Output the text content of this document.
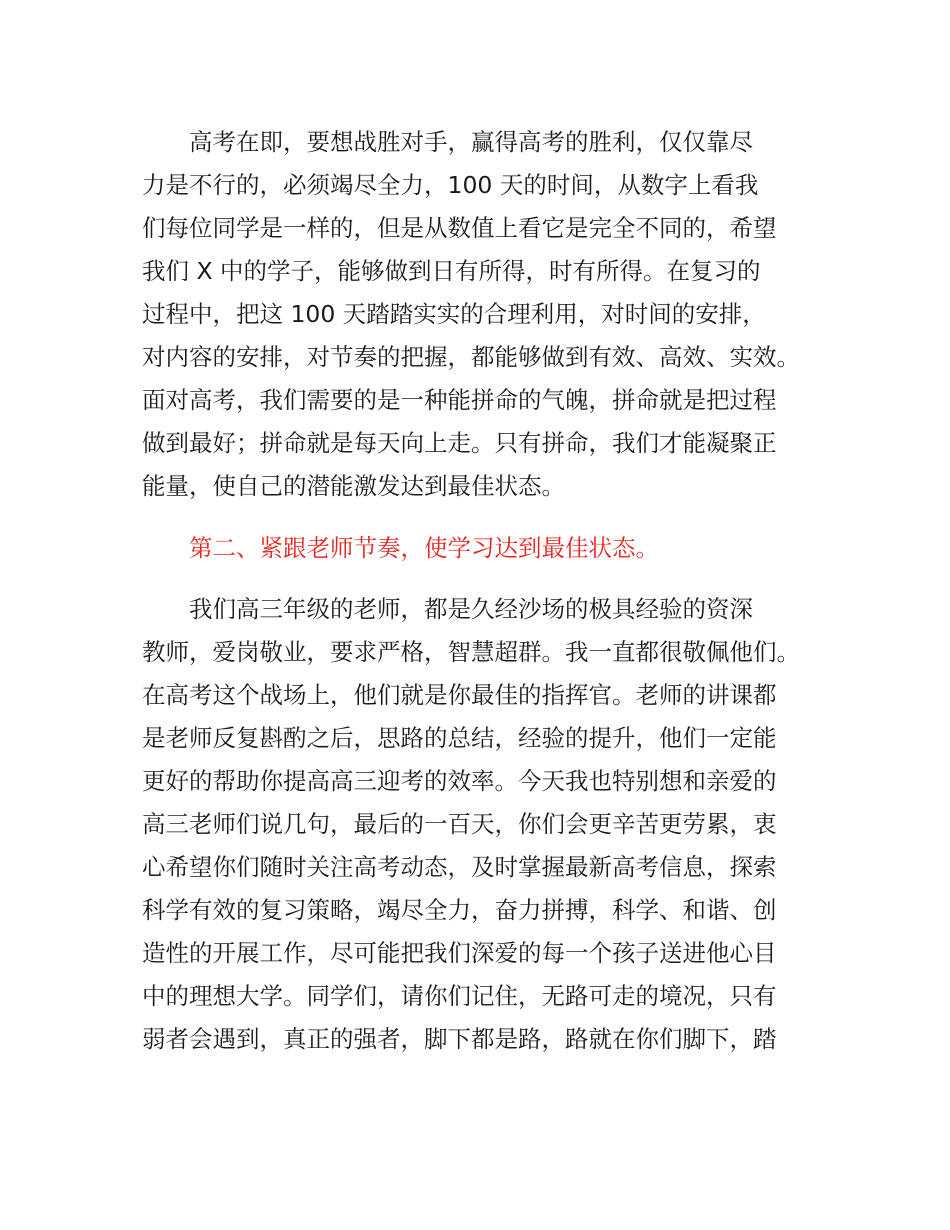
　　高考在即，要想战胜对手，赢得高考的胜利，仅仅靠尽
力是不行的，必须竭尽全力，100 天的时间，从数字上看我
们每位同学是一样的，但是从数值上看它是完全不同的，希望
我们 X 中的学子，能够做到日有所得，时有所得。在复习的
过程中，把这 100 天踏踏实实的合理利用，对时间的安排，
对内容的安排，对节奏的把握，都能够做到有效、高效、实效。
面对高考，我们需要的是一种能拼命的气魄，拼命就是把过程
做到最好；拼命就是每天向上走。只有拼命，我们才能凝聚正
能量，使自己的潜能激发达到最佳状态。
　　第二、紧跟老师节奏，使学习达到最佳状态。
　　我们高三年级的老师，都是久经沙场的极具经验的资深
教师，爱岗敬业，要求严格，智慧超群。我一直都很敬佩他们。
在高考这个战场上，他们就是你最佳的指挥官。老师的讲课都
是老师反复斟酌之后，思路的总结，经验的提升，他们一定能
更好的帮助你提高高三迎考的效率。今天我也特别想和亲爱的
高三老师们说几句，最后的一百天，你们会更辛苦更劳累，衷
心希望你们随时关注高考动态，及时掌握最新高考信息，探索
科学有效的复习策略，竭尽全力，奋力拼搏，科学、和谐、创
造性的开展工作，尽可能把我们深爱的每一个孩子送进他心目
中的理想大学。同学们，请你们记住，无路可走的境况，只有
弱者会遇到，真正的强者，脚下都是路，路就在你们脚下，踏
